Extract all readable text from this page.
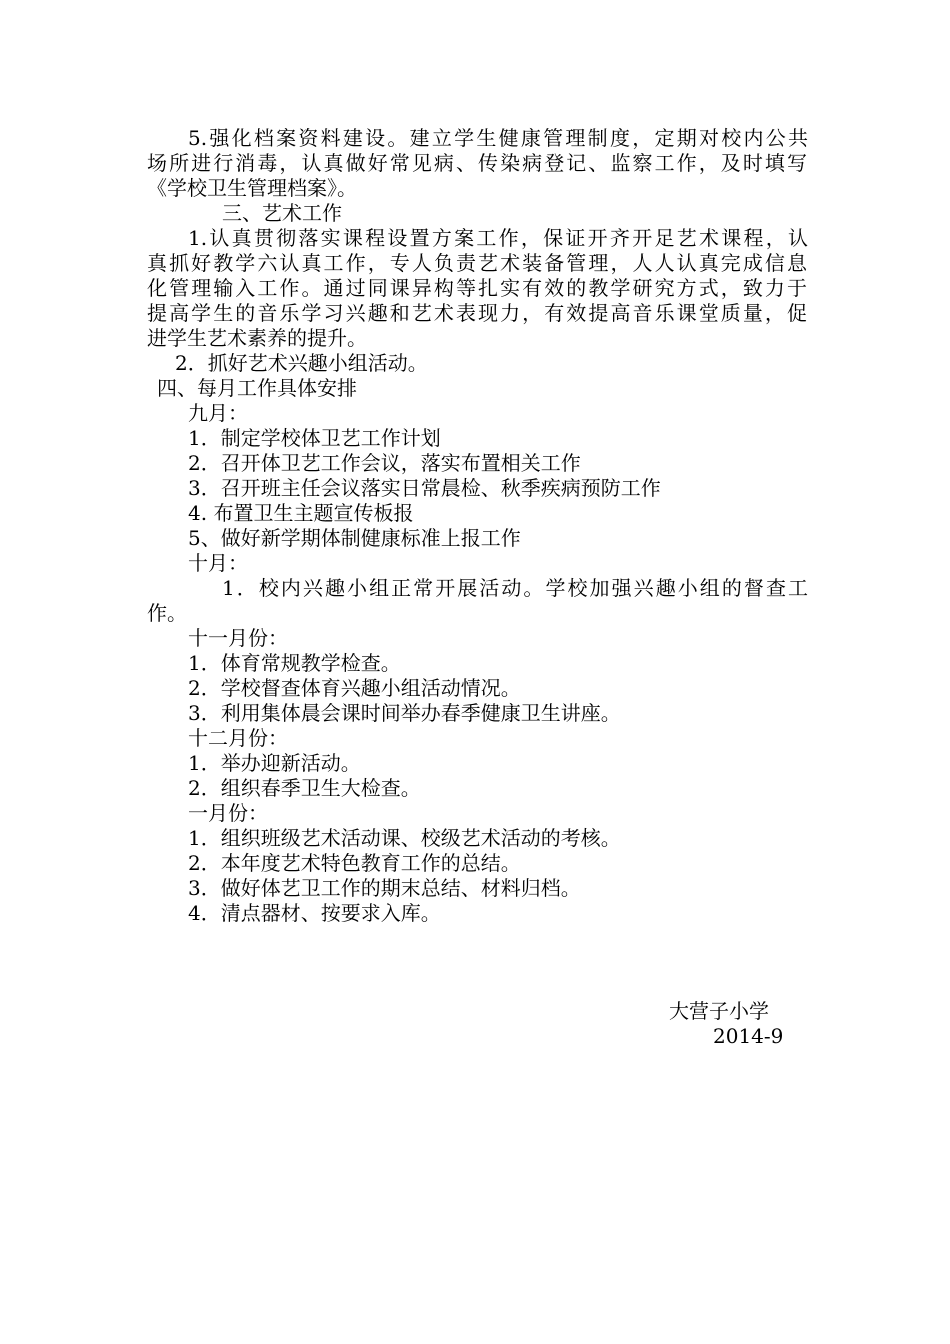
5.强化档案资料建设。建立学生健康管理制度，定期对校内公共
场所进行消毒，认真做好常见病、传染病登记、监察工作，及时填写
《学校卫生管理档案》。
三、艺术工作
1.认真贯彻落实课程设置方案工作，保证开齐开足艺术课程，认
真抓好教学六认真工作，专人负责艺术装备管理，人人认真完成信息
化管理输入工作。通过同课异构等扎实有效的教学研究方式，致力于
提高学生的音乐学习兴趣和艺术表现力，有效提高音乐课堂质量，促
进学生艺术素养的提升。
2．抓好艺术兴趣小组活动。
四、每月工作具体安排
九月：
1．制定学校体卫艺工作计划
2．召开体卫艺工作会议，落实布置相关工作
3．召开班主任会议落实日常晨检、秋季疾病预防工作
4. 布置卫生主题宣传板报
5、做好新学期体制健康标准上报工作
十月：
1．校内兴趣小组正常开展活动。学校加强兴趣小组的督查工
作。
十一月份：
1．体育常规教学检查。
2．学校督查体育兴趣小组活动情况。
3．利用集体晨会课时间举办春季健康卫生讲座。
十二月份：
1．举办迎新活动。
2．组织春季卫生大检查。
一月份：
1．组织班级艺术活动课、校级艺术活动的考核。
2．本年度艺术特色教育工作的总结。
3．做好体艺卫工作的期末总结、材料归档。
4．清点器材、按要求入库。
大营子小学
2014-9
